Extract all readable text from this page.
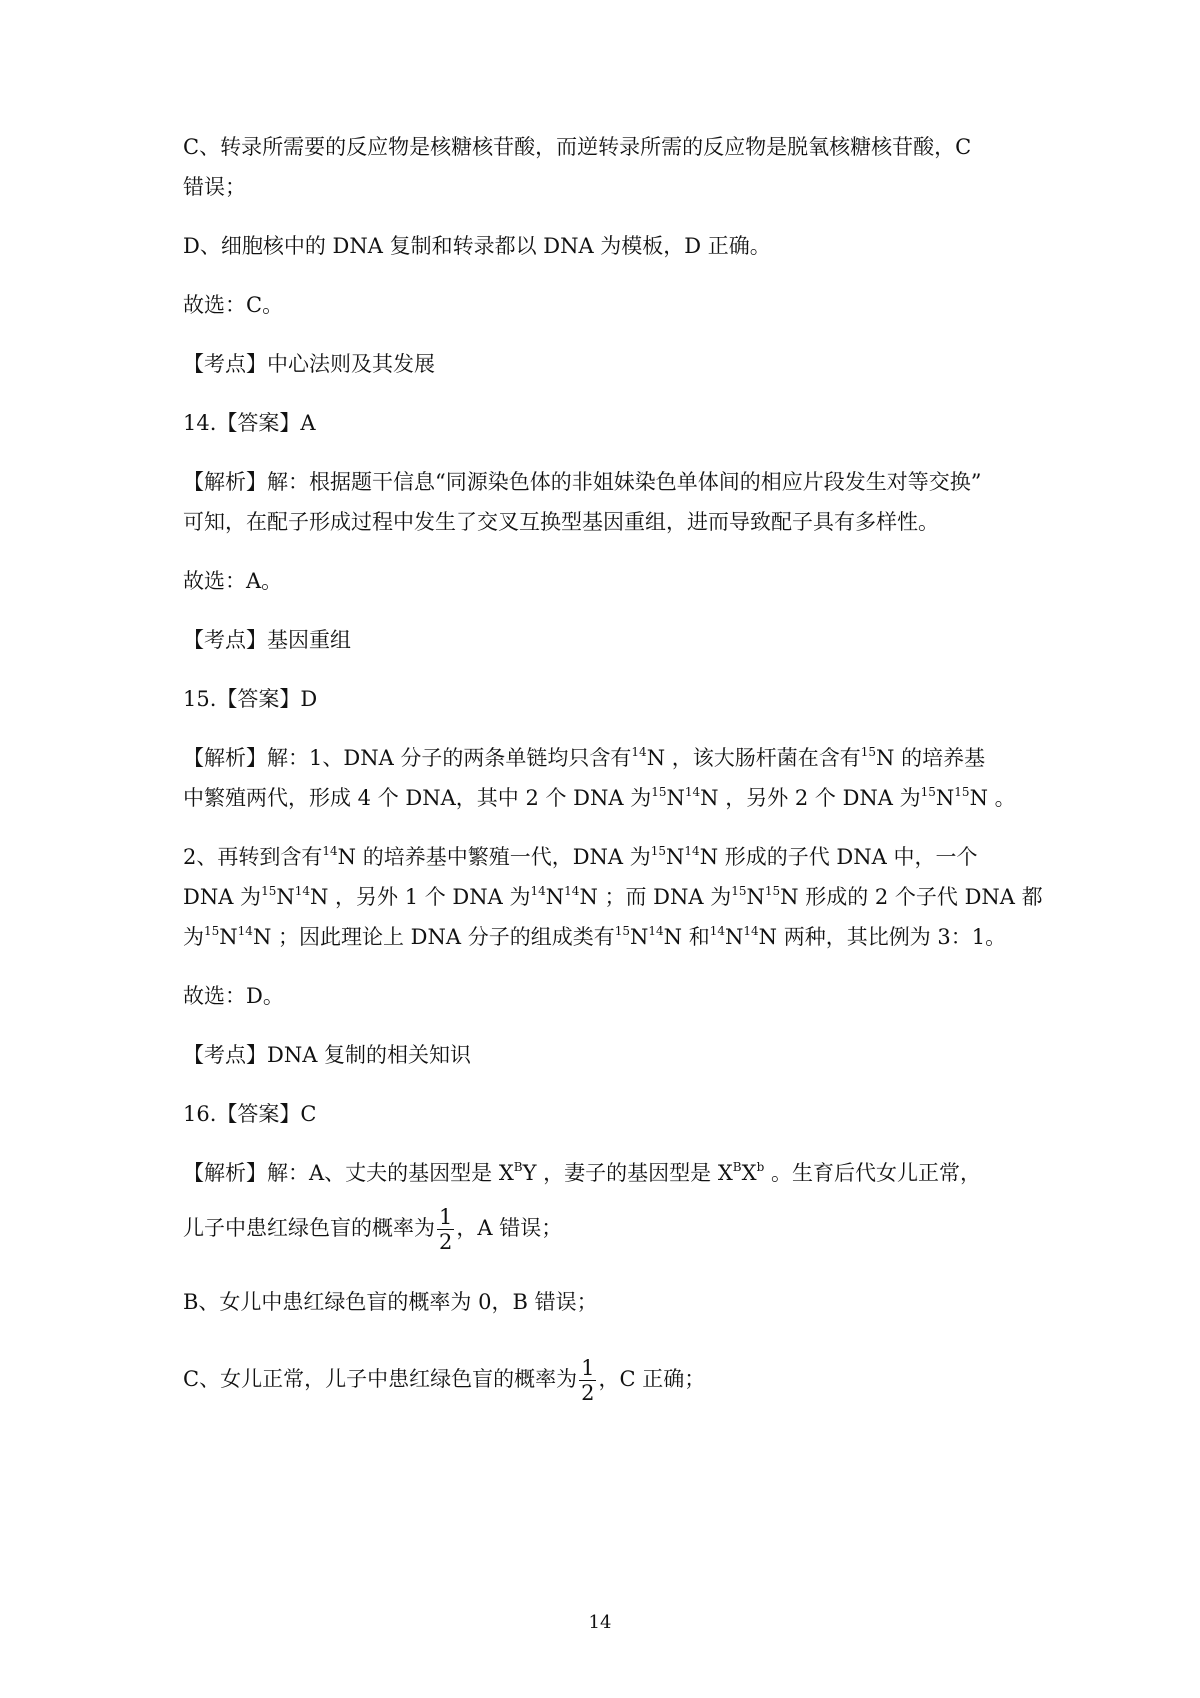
C、转录所需要的反应物是核糖核苷酸，而逆转录所需的反应物是脱氧核糖核苷酸，C
错误；
D、细胞核中的 DNA 复制和转录都以 DNA 为模板，D 正确。
故选：C。
【考点】中心法则及其发展
14.【答案】A
【解析】解：根据题干信息“同源染色体的非姐妹染色单体间的相应片段发生对等交换”
可知，在配子形成过程中发生了交叉互换型基因重组，进而导致配子具有多样性。
故选：A。
【考点】基因重组
15.【答案】D
【解析】解：1、DNA 分子的两条单链均只含有$^{14}$N ，该大肠杆菌在含有$^{15}$N 的培养基
中繁殖两代，形成 4 个 DNA，其中 2 个 DNA 为$^{15}N^{14}N$ ，另外 2 个 DNA 为$^{15}N^{15}N$ 。
2、再转到含有$^{14}$N 的培养基中繁殖一代，DNA 为$^{15}N^{14}N$ 形成的子代 DNA 中，一个
DNA 为$^{15}N^{14}N$ ，另外 1 个 DNA 为$^{14}N^{14}N$ ；而 DNA 为$^{15}N^{15}N$ 形成的 2 个子代 DNA 都
为$^{15}N^{14}N$ ；因此理论上 DNA 分子的组成类有$^{15}N^{14}N$ 和$^{14}N^{14}N$ 两种，其比例为 3：1。
故选：D。
【考点】DNA 复制的相关知识
16.【答案】C
【解析】解：A、丈夫的基因型是 $X^BY$ ，妻子的基因型是 $X^BX^b$ 。生育后代女儿正常，
儿子中患红绿色盲的概率为 $\frac{1}{2}$ ，A 错误；
B、女儿中患红绿色盲的概率为 0，B 错误；
C、女儿正常，儿子中患红绿色盲的概率为 $\frac{1}{2}$ ，C 正确；
14
